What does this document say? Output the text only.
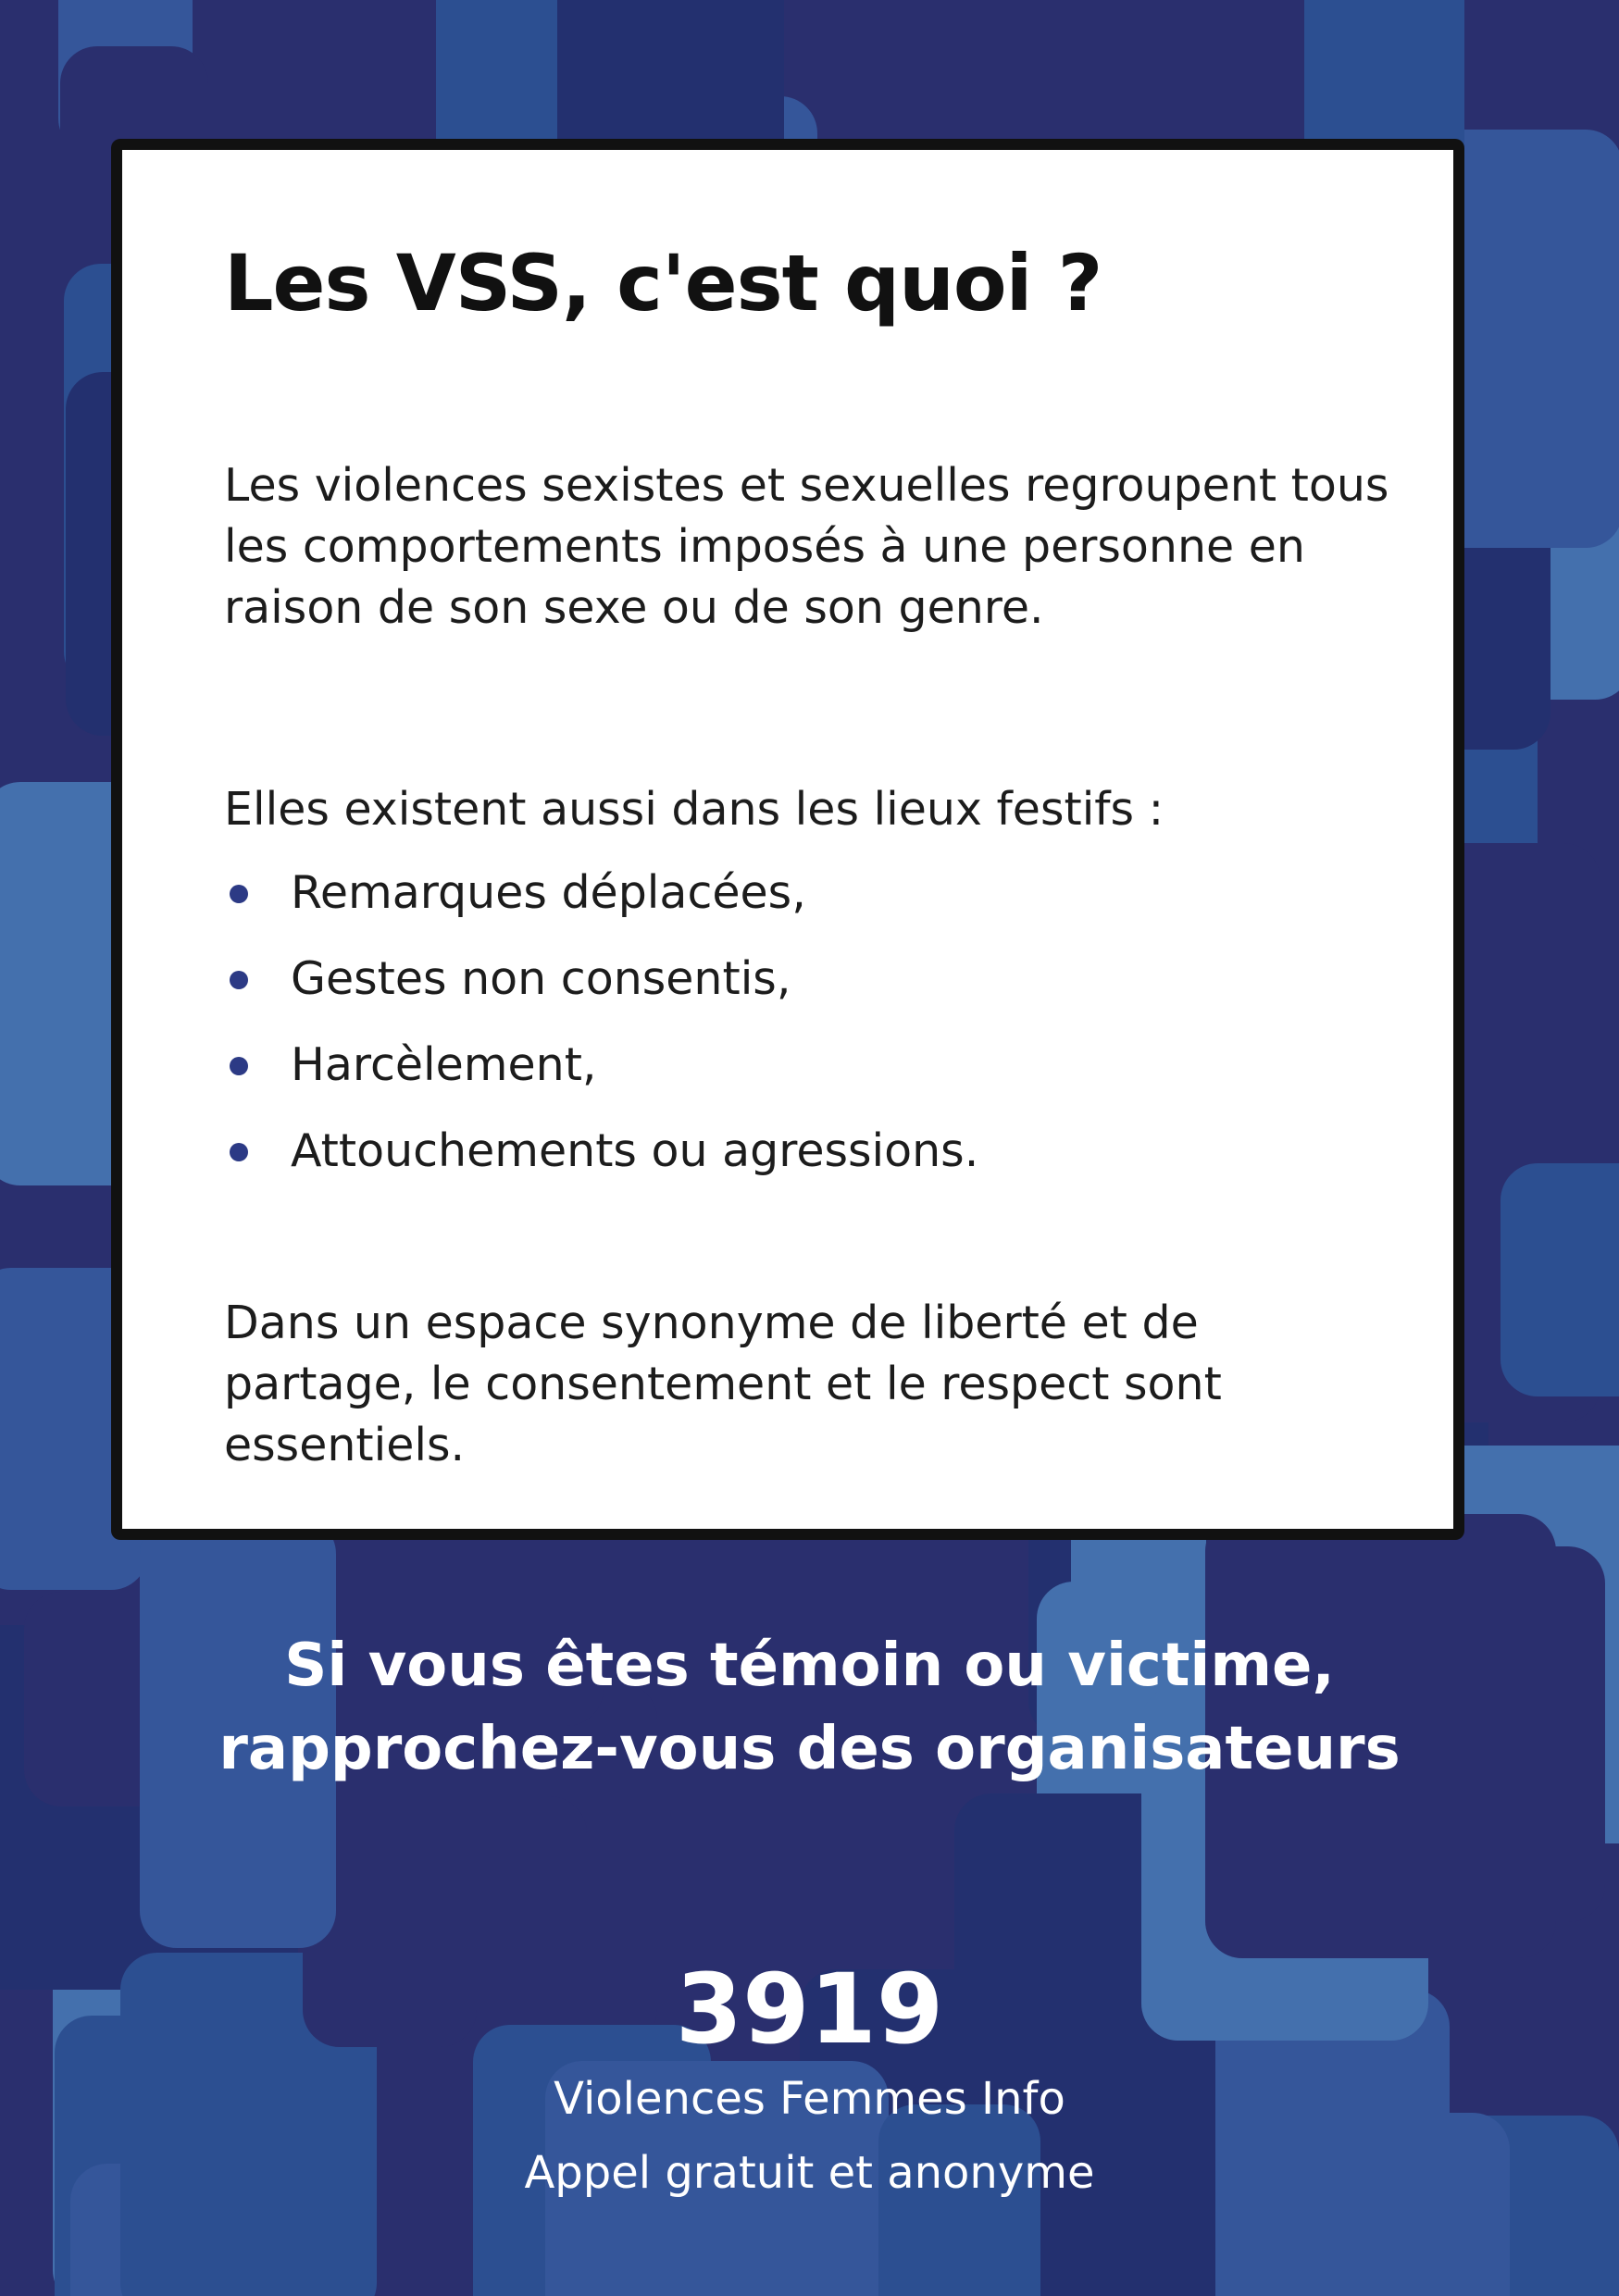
Les VSS, c'est quoi ?

Les violences sexistes et sexuelles regroupent tous les comportements imposés à une personne en raison de son sexe ou de son genre.

Elles existent aussi dans les lieux festifs :

Remarques déplacées,
Gestes non consentis,
Harcèlement,
Attouchements ou agressions.

Dans un espace synonyme de liberté et de partage, le consentement et le respect sont essentiels.

Si vous êtes témoin ou victime,
rapprochez-vous des organisateurs
3919
Violences Femmes Info
Appel gratuit et anonyme
